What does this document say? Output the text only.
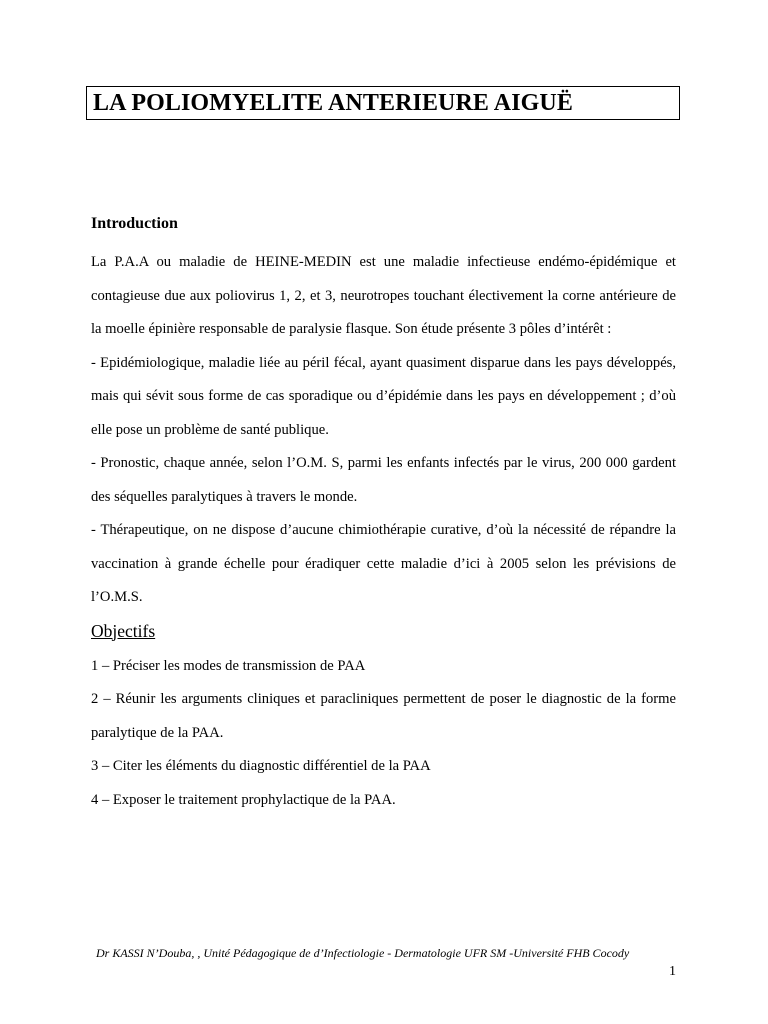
LA POLIOMYELITE ANTERIEURE AIGUË
Introduction

La P.A.A ou maladie de HEINE-MEDIN est une maladie infectieuse endémo-épidémique et contagieuse due aux poliovirus 1, 2, et 3, neurotropes touchant électivement la corne antérieure de la moelle épinière responsable de paralysie flasque. Son étude présente 3 pôles d’intérêt :

- Epidémiologique, maladie liée au péril fécal, ayant quasiment disparue dans les pays développés, mais qui sévit sous forme de cas sporadique ou d’épidémie dans les pays en développement ; d’où elle pose un problème de santé publique.

- Pronostic, chaque année, selon l’O.M. S, parmi les enfants infectés par le virus, 200 000 gardent des séquelles paralytiques à travers le monde.

- Thérapeutique, on ne dispose d’aucune chimiothérapie curative, d’où la nécessité de répandre la vaccination à grande échelle pour éradiquer cette maladie d’ici à 2005 selon les prévisions de l’O.M.S.

Objectifs
1 – Préciser les modes de transmission de PAA
2 – Réunir les arguments cliniques et paracliniques permettent de poser le diagnostic de la forme paralytique de la PAA.
3 – Citer les éléments du diagnostic différentiel de la PAA
4 – Exposer le traitement prophylactique de la PAA.
Dr KASSI N’Douba, , Unité Pédagogique de d’Infectiologie - Dermatologie UFR SM -Université FHB Cocody
1
